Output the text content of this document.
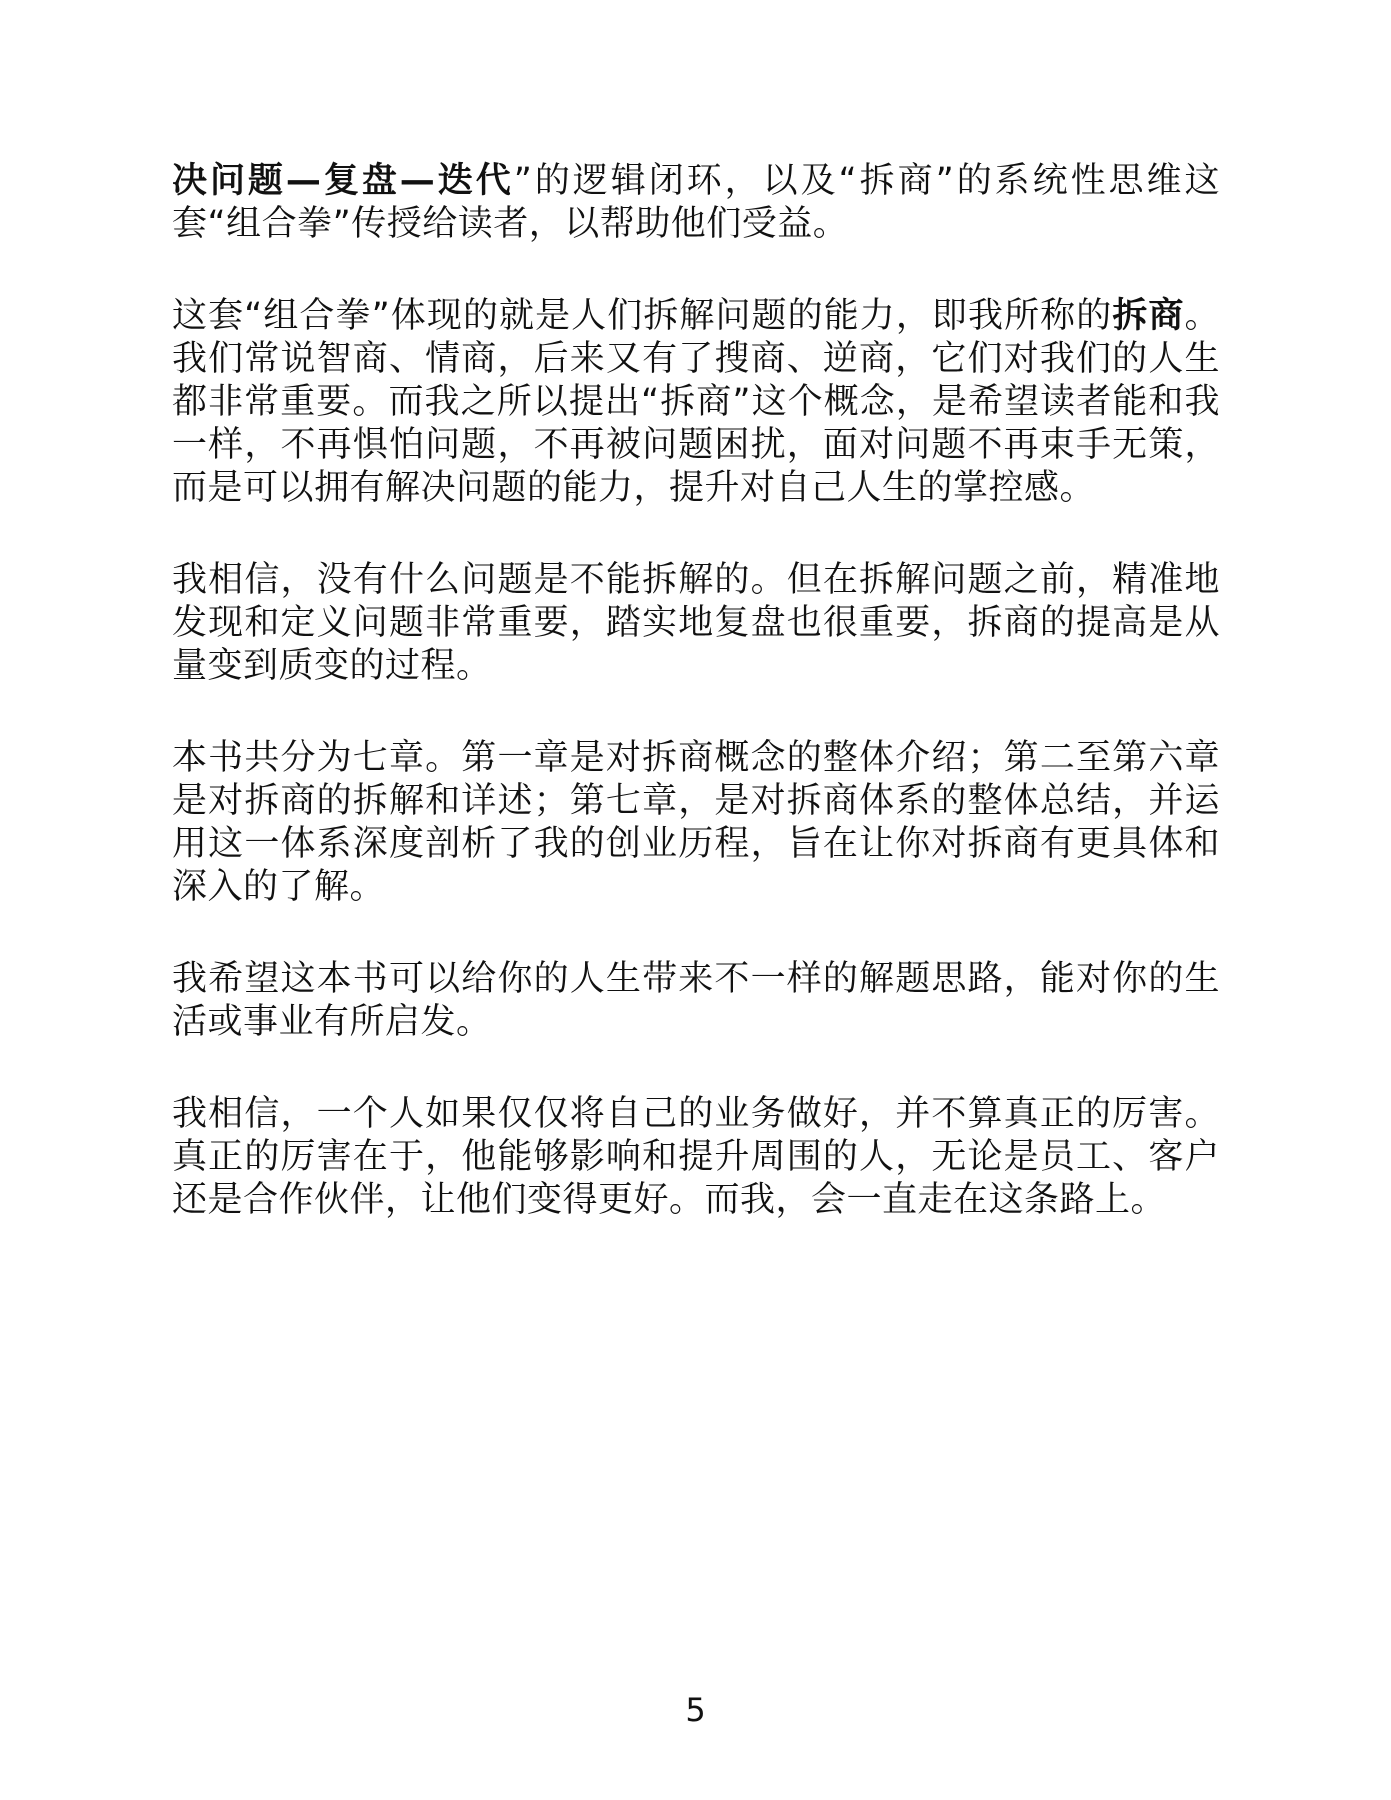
决问题—复盘—迭代”的逻辑闭环，以及“拆商”的系统性思维这套“组合拳”传授给读者，以帮助他们受益。

这套“组合拳”体现的就是人们拆解问题的能力，即我所称的拆商。我们常说智商、情商，后来又有了搜商、逆商，它们对我们的人生都非常重要。而我之所以提出“拆商”这个概念，是希望读者能和我一样，不再惧怕问题，不再被问题困扰，面对问题不再束手无策，而是可以拥有解决问题的能力，提升对自己人生的掌控感。

我相信，没有什么问题是不能拆解的。但在拆解问题之前，精准地发现和定义问题非常重要，踏实地复盘也很重要，拆商的提高是从量变到质变的过程。

本书共分为七章。第一章是对拆商概念的整体介绍；第二至第六章是对拆商的拆解和详述；第七章，是对拆商体系的整体总结，并运用这一体系深度剖析了我的创业历程，旨在让你对拆商有更具体和深入的了解。

我希望这本书可以给你的人生带来不一样的解题思路，能对你的生活或事业有所启发。

我相信，一个人如果仅仅将自己的业务做好，并不算真正的厉害。真正的厉害在于，他能够影响和提升周围的人，无论是员工、客户还是合作伙伴，让他们变得更好。而我，会一直走在这条路上。

5
